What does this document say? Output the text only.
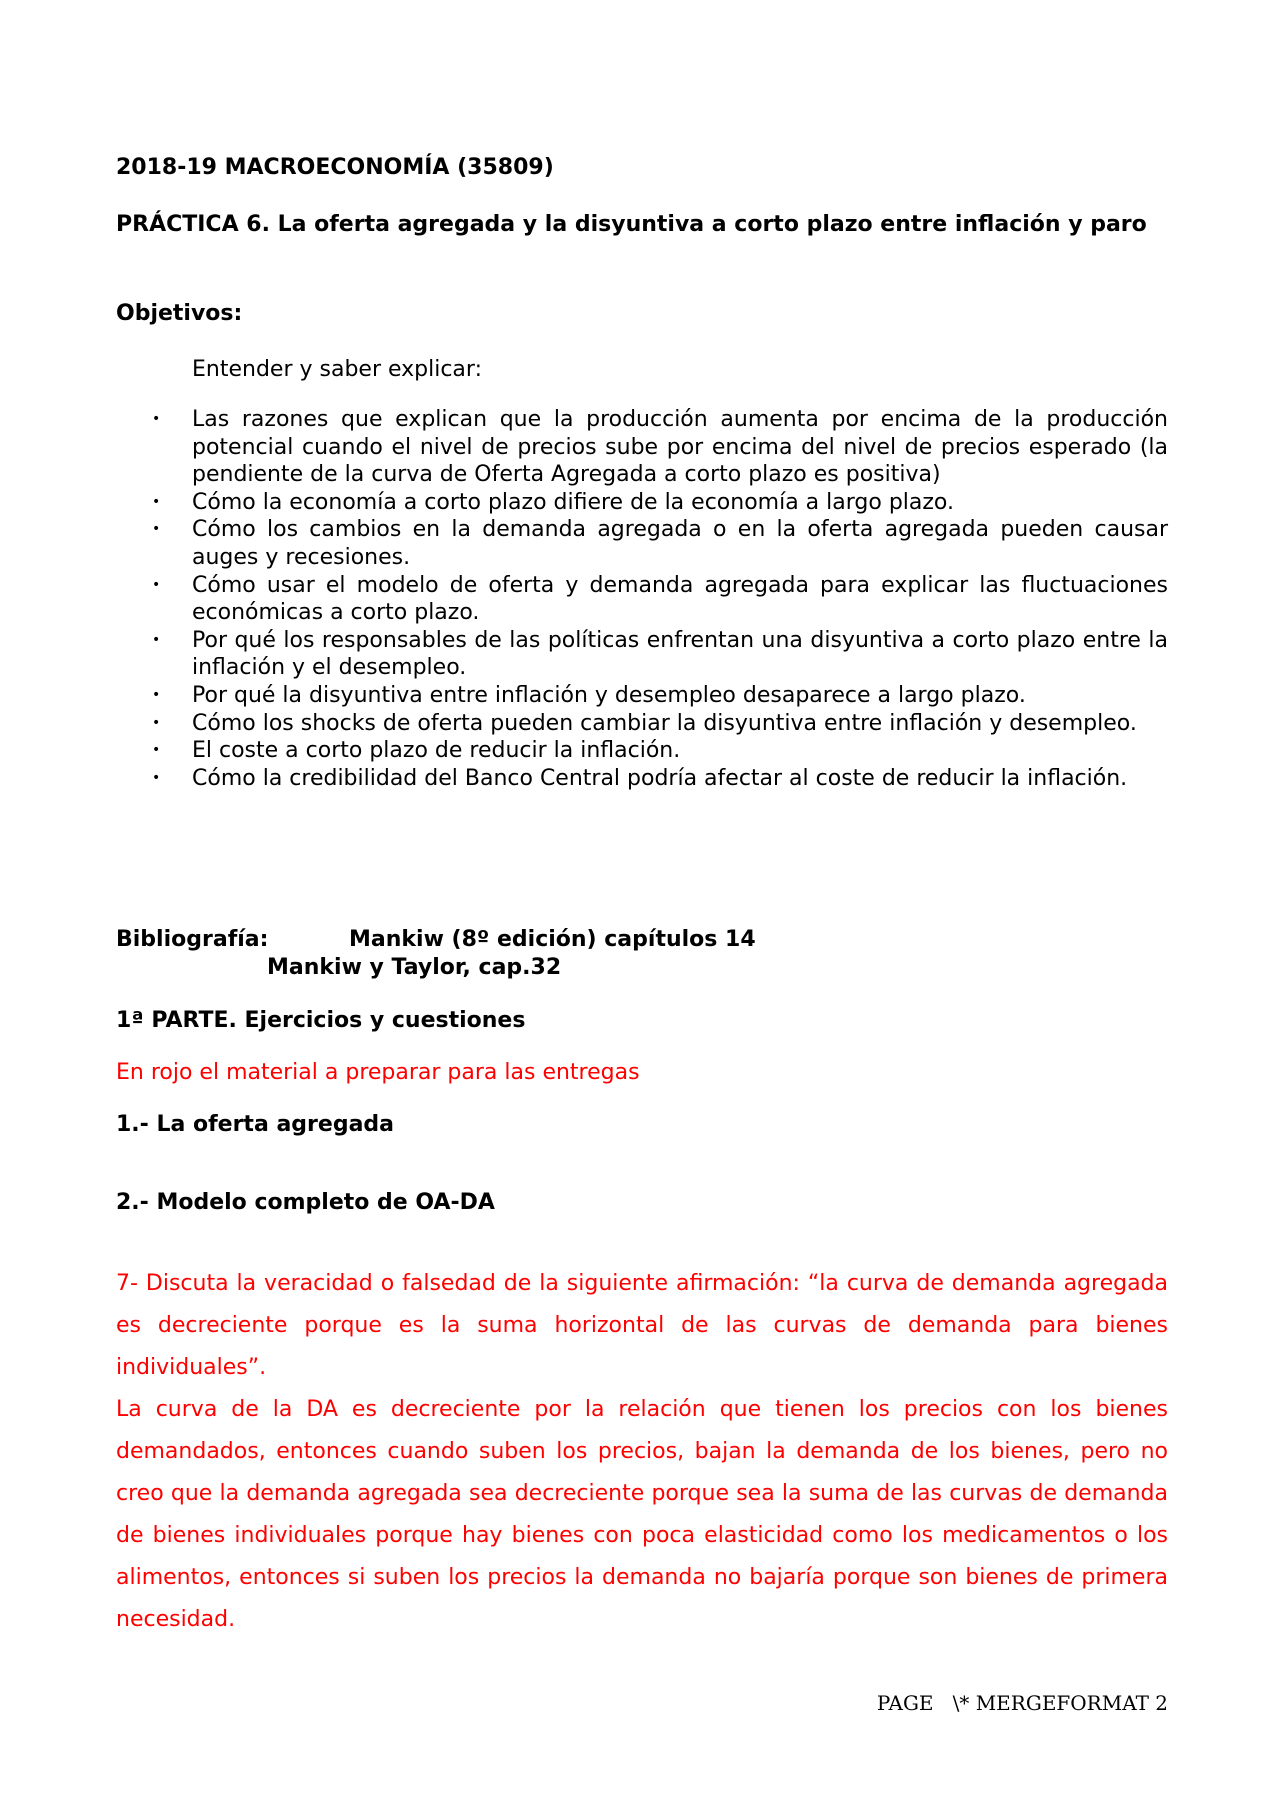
2018-19 MACROECONOMÍA (35809)
PRÁCTICA 6. La oferta agregada y la disyuntiva a corto plazo entre inflación y paro
Objetivos:
Entender y saber explicar:
• Las razones que explican que la producción aumenta por encima de la producción potencial cuando el nivel de precios sube por encima del nivel de precios esperado (la pendiente de la curva de Oferta Agregada a corto plazo es positiva)
• Cómo la economía a corto plazo difiere de la economía a largo plazo.
• Cómo los cambios en la demanda agregada o en la oferta agregada pueden causar auges y recesiones.
• Cómo usar el modelo de oferta y demanda agregada para explicar las fluctuaciones económicas a corto plazo.
• Por qué los responsables de las políticas enfrentan una disyuntiva a corto plazo entre la inflación y el desempleo.
• Por qué la disyuntiva entre inflación y desempleo desaparece a largo plazo.
• Cómo los shocks de oferta pueden cambiar la disyuntiva entre inflación y desempleo.
• El coste a corto plazo de reducir la inflación.
• Cómo la credibilidad del Banco Central podría afectar al coste de reducir la inflación.
Bibliografía:	Mankiw (8º edición) capítulos 14
Mankiw y Taylor, cap.32
1ª PARTE. Ejercicios y cuestiones
En rojo el material a preparar para las entregas
1.- La oferta agregada
2.- Modelo completo de OA-DA

7- Discuta la veracidad o falsedad de la siguiente afirmación: “la curva de demanda agregada es decreciente porque es la suma horizontal de las curvas de demanda para bienes individuales”.

La curva de la DA es decreciente por la relación que tienen los precios con los bienes demandados, entonces cuando suben los precios, bajan la demanda de los bienes, pero no creo que la demanda agregada sea decreciente porque sea la suma de las curvas de demanda de bienes individuales porque hay bienes con poca elasticidad como los medicamentos o los alimentos, entonces si suben los precios la demanda no bajaría porque son bienes de primera necesidad.

PAGE   \* MERGEFORMAT 2
